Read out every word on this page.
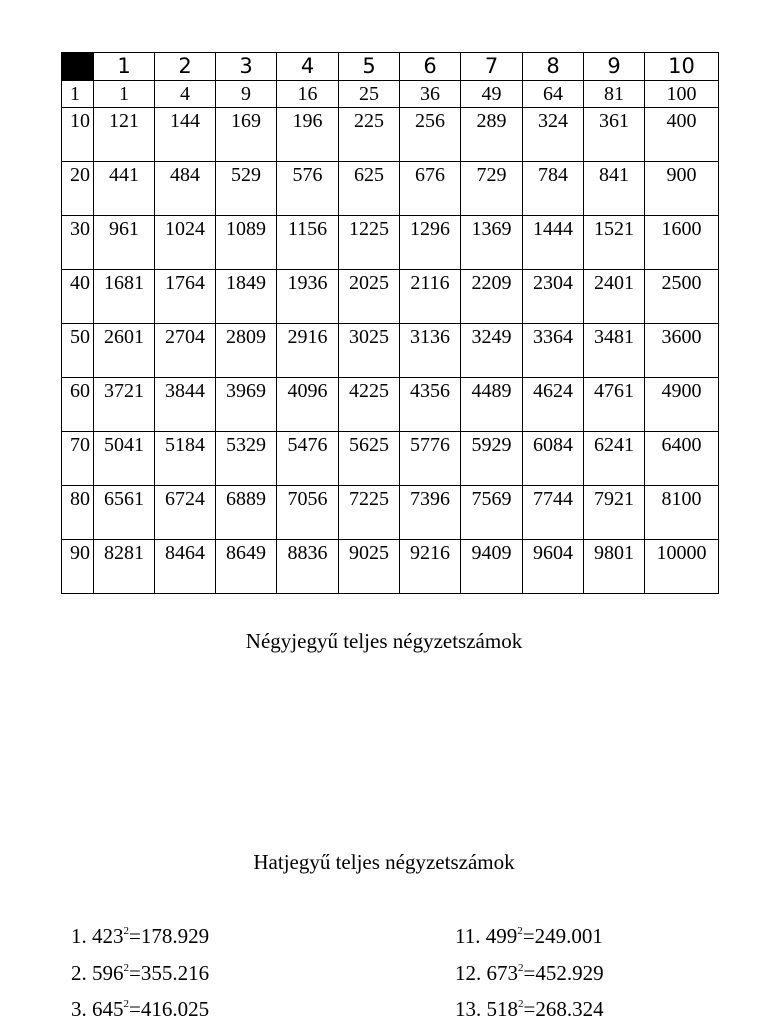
	1	2	3	4	5	6	7	8	9	10
1	1	4	9	16	25	36	49	64	81	100
10	121	144	169	196	225	256	289	324	361	400
20	441	484	529	576	625	676	729	784	841	900
30	961	1024	1089	1156	1225	1296	1369	1444	1521	1600
40	1681	1764	1849	1936	2025	2116	2209	2304	2401	2500
50	2601	2704	2809	2916	3025	3136	3249	3364	3481	3600
60	3721	3844	3969	4096	4225	4356	4489	4624	4761	4900
70	5041	5184	5329	5476	5625	5776	5929	6084	6241	6400
80	6561	6724	6889	7056	7225	7396	7569	7744	7921	8100
90	8281	8464	8649	8836	9025	9216	9409	9604	9801	10000
Négyjegyű teljes négyzetszámok
Hatjegyű teljes négyzetszámok
1. $423^2=178.929$
2. $596^2=355.216$
3. $645^2=416.025$
11. $499^2=249.001$
12. $673^2=452.929$
13. $518^2=268.324$
